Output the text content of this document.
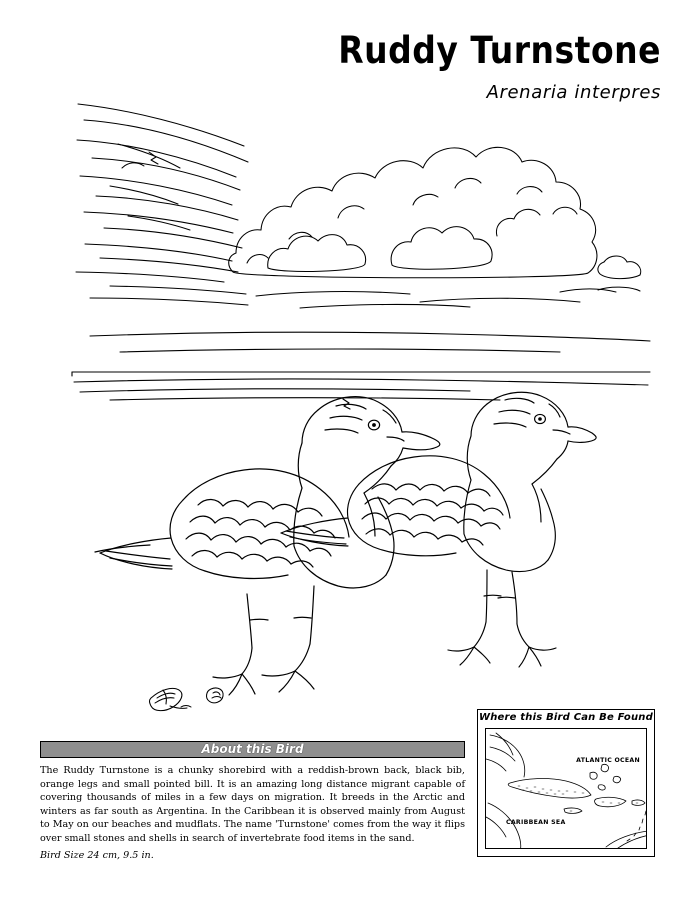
Ruddy Turnstone
Arenaria interpres
About this Bird
The Ruddy Turnstone is a chunky shorebird with a reddish-brown back, black bib, orange legs and small pointed bill. It is an amazing long distance migrant capable of covering thousands of miles in a few days on migration. It breeds in the Arctic and winters as far south as Argentina. In the Caribbean it is observed mainly from August to May on our beaches and mudflats. The name 'Turnstone' comes from the way it flips over small stones and shells in search of invertebrate food items in the sand.
Bird Size 24 cm, 9.5 in.
Where this Bird Can Be Found
ATLANTIC OCEAN
CARIBBEAN SEA
